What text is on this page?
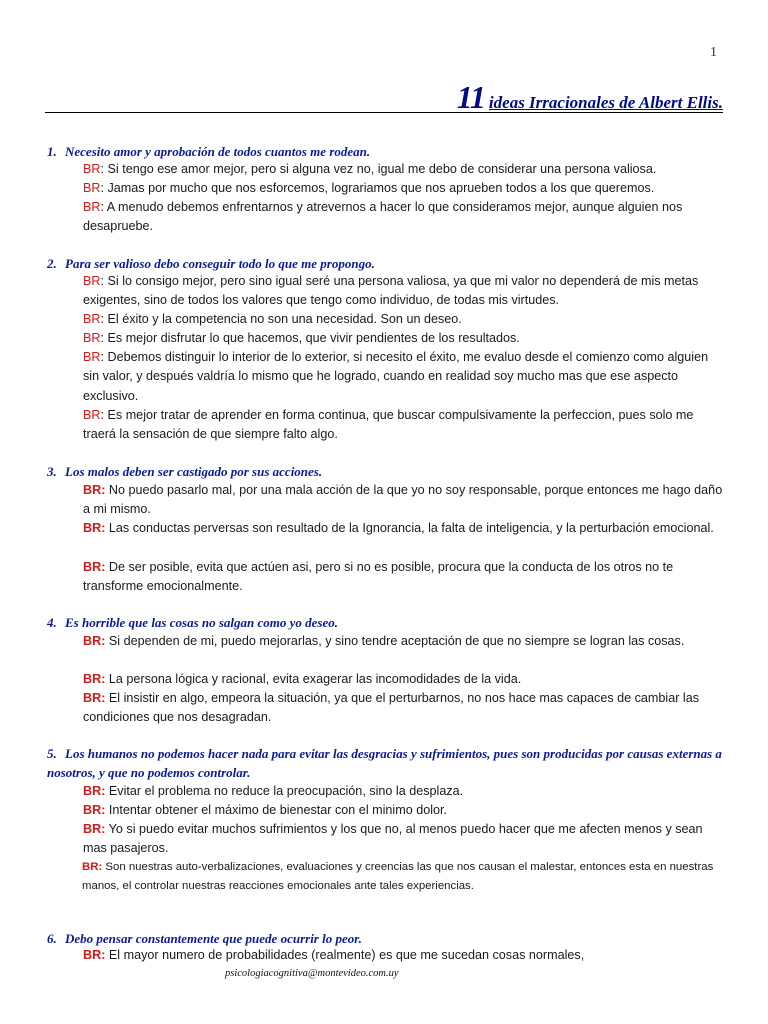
1
11 ideas Irracionales de Albert Ellis.
1. Necesito amor y aprobación de todos cuantos me rodean.
BR: Si tengo ese amor mejor, pero si alguna vez no, igual me debo de considerar una persona valiosa.
BR: Jamas por mucho que nos esforcemos, lograriamos que nos aprueben todos a los que queremos.
BR: A menudo debemos enfrentarnos y atrevernos a hacer lo que consideramos mejor, aunque alguien nos desapruebe.
2. Para ser valioso debo conseguir todo lo que me propongo.
BR: Si lo consigo mejor, pero sino igual seré una persona valiosa, ya que mi valor no dependerá de mis metas exigentes, sino de todos los valores que tengo como individuo, de todas mis virtudes.
BR: El éxito y la competencia no son una necesidad. Son un deseo.
BR: Es mejor disfrutar lo que hacemos, que vivir pendientes de los resultados.
BR: Debemos distinguir lo interior de lo exterior, si necesito el éxito, me evaluo desde el comienzo como alguien sin valor, y después valdría lo mismo que he logrado, cuando en realidad soy mucho mas que ese aspecto exclusivo.
BR: Es mejor tratar de aprender en forma continua, que buscar compulsivamente la perfeccion, pues solo me traerá la sensación de que siempre falto algo.
3. Los malos deben ser castigado por sus acciones.
BR: No puedo pasarlo mal, por una mala acción de la que yo no soy responsable, porque entonces me hago daño a mi mismo.
BR: Las conductas perversas son resultado de la Ignorancia, la falta de inteligencia, y la perturbación emocional.
BR: De ser posible, evita que actúen asi, pero si no es posible, procura que la conducta de los otros no te transforme emocionalmente.
4. Es horrible que las cosas no salgan como yo deseo.
BR: Si dependen de mi, puedo mejorarlas, y sino tendre aceptación de que no siempre se logran las cosas.
BR: La persona lógica y racional, evita exagerar las incomodidades de la vida.
BR: El insistir en algo, empeora la situación, ya que el perturbarnos, no nos hace mas capaces de cambiar las condiciones que nos desagradan.
5. Los humanos no podemos hacer nada para evitar las desgracias y sufrimientos, pues son producidas por causas externas a nosotros, y que no podemos controlar.
BR: Evitar el problema no reduce la preocupación, sino la desplaza.
BR: Intentar obtener el máximo de bienestar con el minimo dolor.
BR: Yo si puedo evitar muchos sufrimientos y los que no, al menos puedo hacer que me afecten menos y sean mas pasajeros.
BR: Son nuestras auto-verbalizaciones, evaluaciones y creencias las que nos causan el malestar, entonces esta en nuestras manos, el controlar nuestras reacciones emocionales ante tales experiencias.
6. Debo pensar constantemente que puede ocurrir lo peor.
BR: El mayor numero de probabilidades (realmente) es que me sucedan cosas normales,
psicologiacognitiva@montevideo.com.uy
